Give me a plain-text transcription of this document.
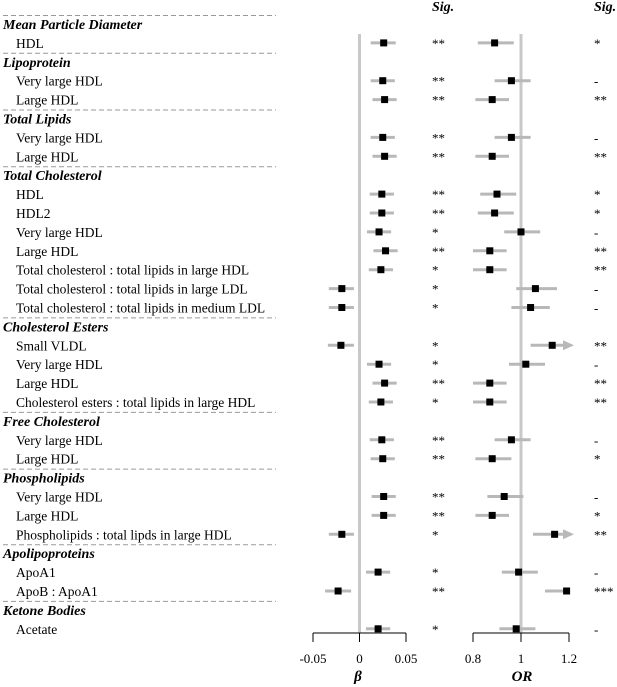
Mean Particle Diameter
HDL	**	*
Lipoprotein
Very large HDL	**	-
Large HDL	**	**
Total Lipids
Very large HDL	**	-
Large HDL	**	**
Total Cholesterol
HDL	**	*
HDL2	**	*
Very large HDL	*	-
Large HDL	**	**
Total cholesterol : total lipids in large HDL	*	**
Total cholesterol : total lipids in large LDL	*	-
Total cholesterol : total lipids in medium LDL	*	-
Cholesterol Esters
Small VLDL	*	**
Very large HDL	*	-
Large HDL	**	**
Cholesterol esters : total lipids in large HDL	*	**
Free Cholesterol
Very large HDL	**	-
Large HDL	**	*
Phospholipids
Very large HDL	**	-
Large HDL	**	*
Phospholipids : total lipds in large HDL	*	**
Apolipoproteins
ApoA1	*	-
ApoB : ApoA1	**	***
Ketone Bodies
Acetate	*	-
-0.05 0 0.05	0.8	1	1.2
Sig.	Sig.
β	OR
